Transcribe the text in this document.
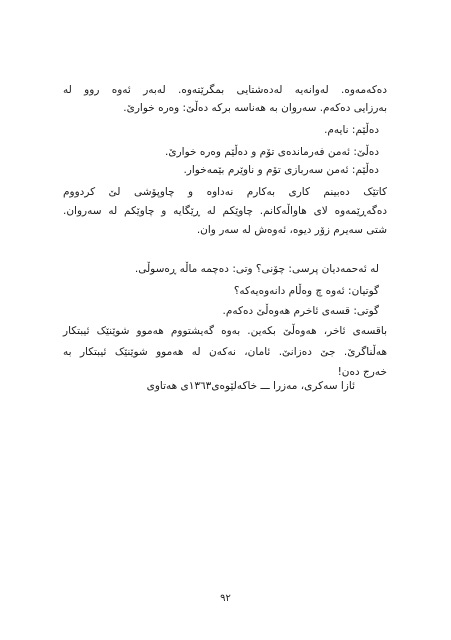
دەکەمەوە. لەوانەیە لەدەشتایی بمگرێتەوە. لەبەر ئەوە روو لە
بەرزایی دەکەم. سەروان بە هەناسە برکە دەڵێ: وەرە خوارێ.
دەڵێم: نایەم.
دەڵێ: ئەمن فەرماندەی تۆم و دەڵێم وەرە خوارێ.
دەڵێم: ئەمن سەربازی تۆم و ناوێرم بێمەخوار.
کاتێک دەبینم کاری بەکارم نەداوە و چاوپۆشی لێ کردووم
دەگەڕێمەوە لای هاواڵەکانم. چاوێکم لە ڕێگایە و چاوێکم لە سەروان.
شتی سەیرم زۆر دیوە، ئەوەش لە سەر وان.
لە ئەحمەدیان پرسی: چۆنی؟ وتی: دەچمە ماڵە ڕەسوڵی.
گوتیان: ئەوە چ وەڵام دانەوەیەکە؟
گوتی: قسەی ئاخرم هەوەڵێ دەکەم.
باقسەی ئاخر، هەوەڵێ بکەین. بەوە گەیشتووم هەموو شوێنێک ئیبتکار
هەڵناگرێ. جێ دەزانێ. ئامان، نەکەن لە هەموو شوێنێک ئیبتکار بە
خەرج دەن!
ئازا سەکری، مەزرا ـــ خاکەلێوەی١٣٦٣ی هەتاوی
٩٢
